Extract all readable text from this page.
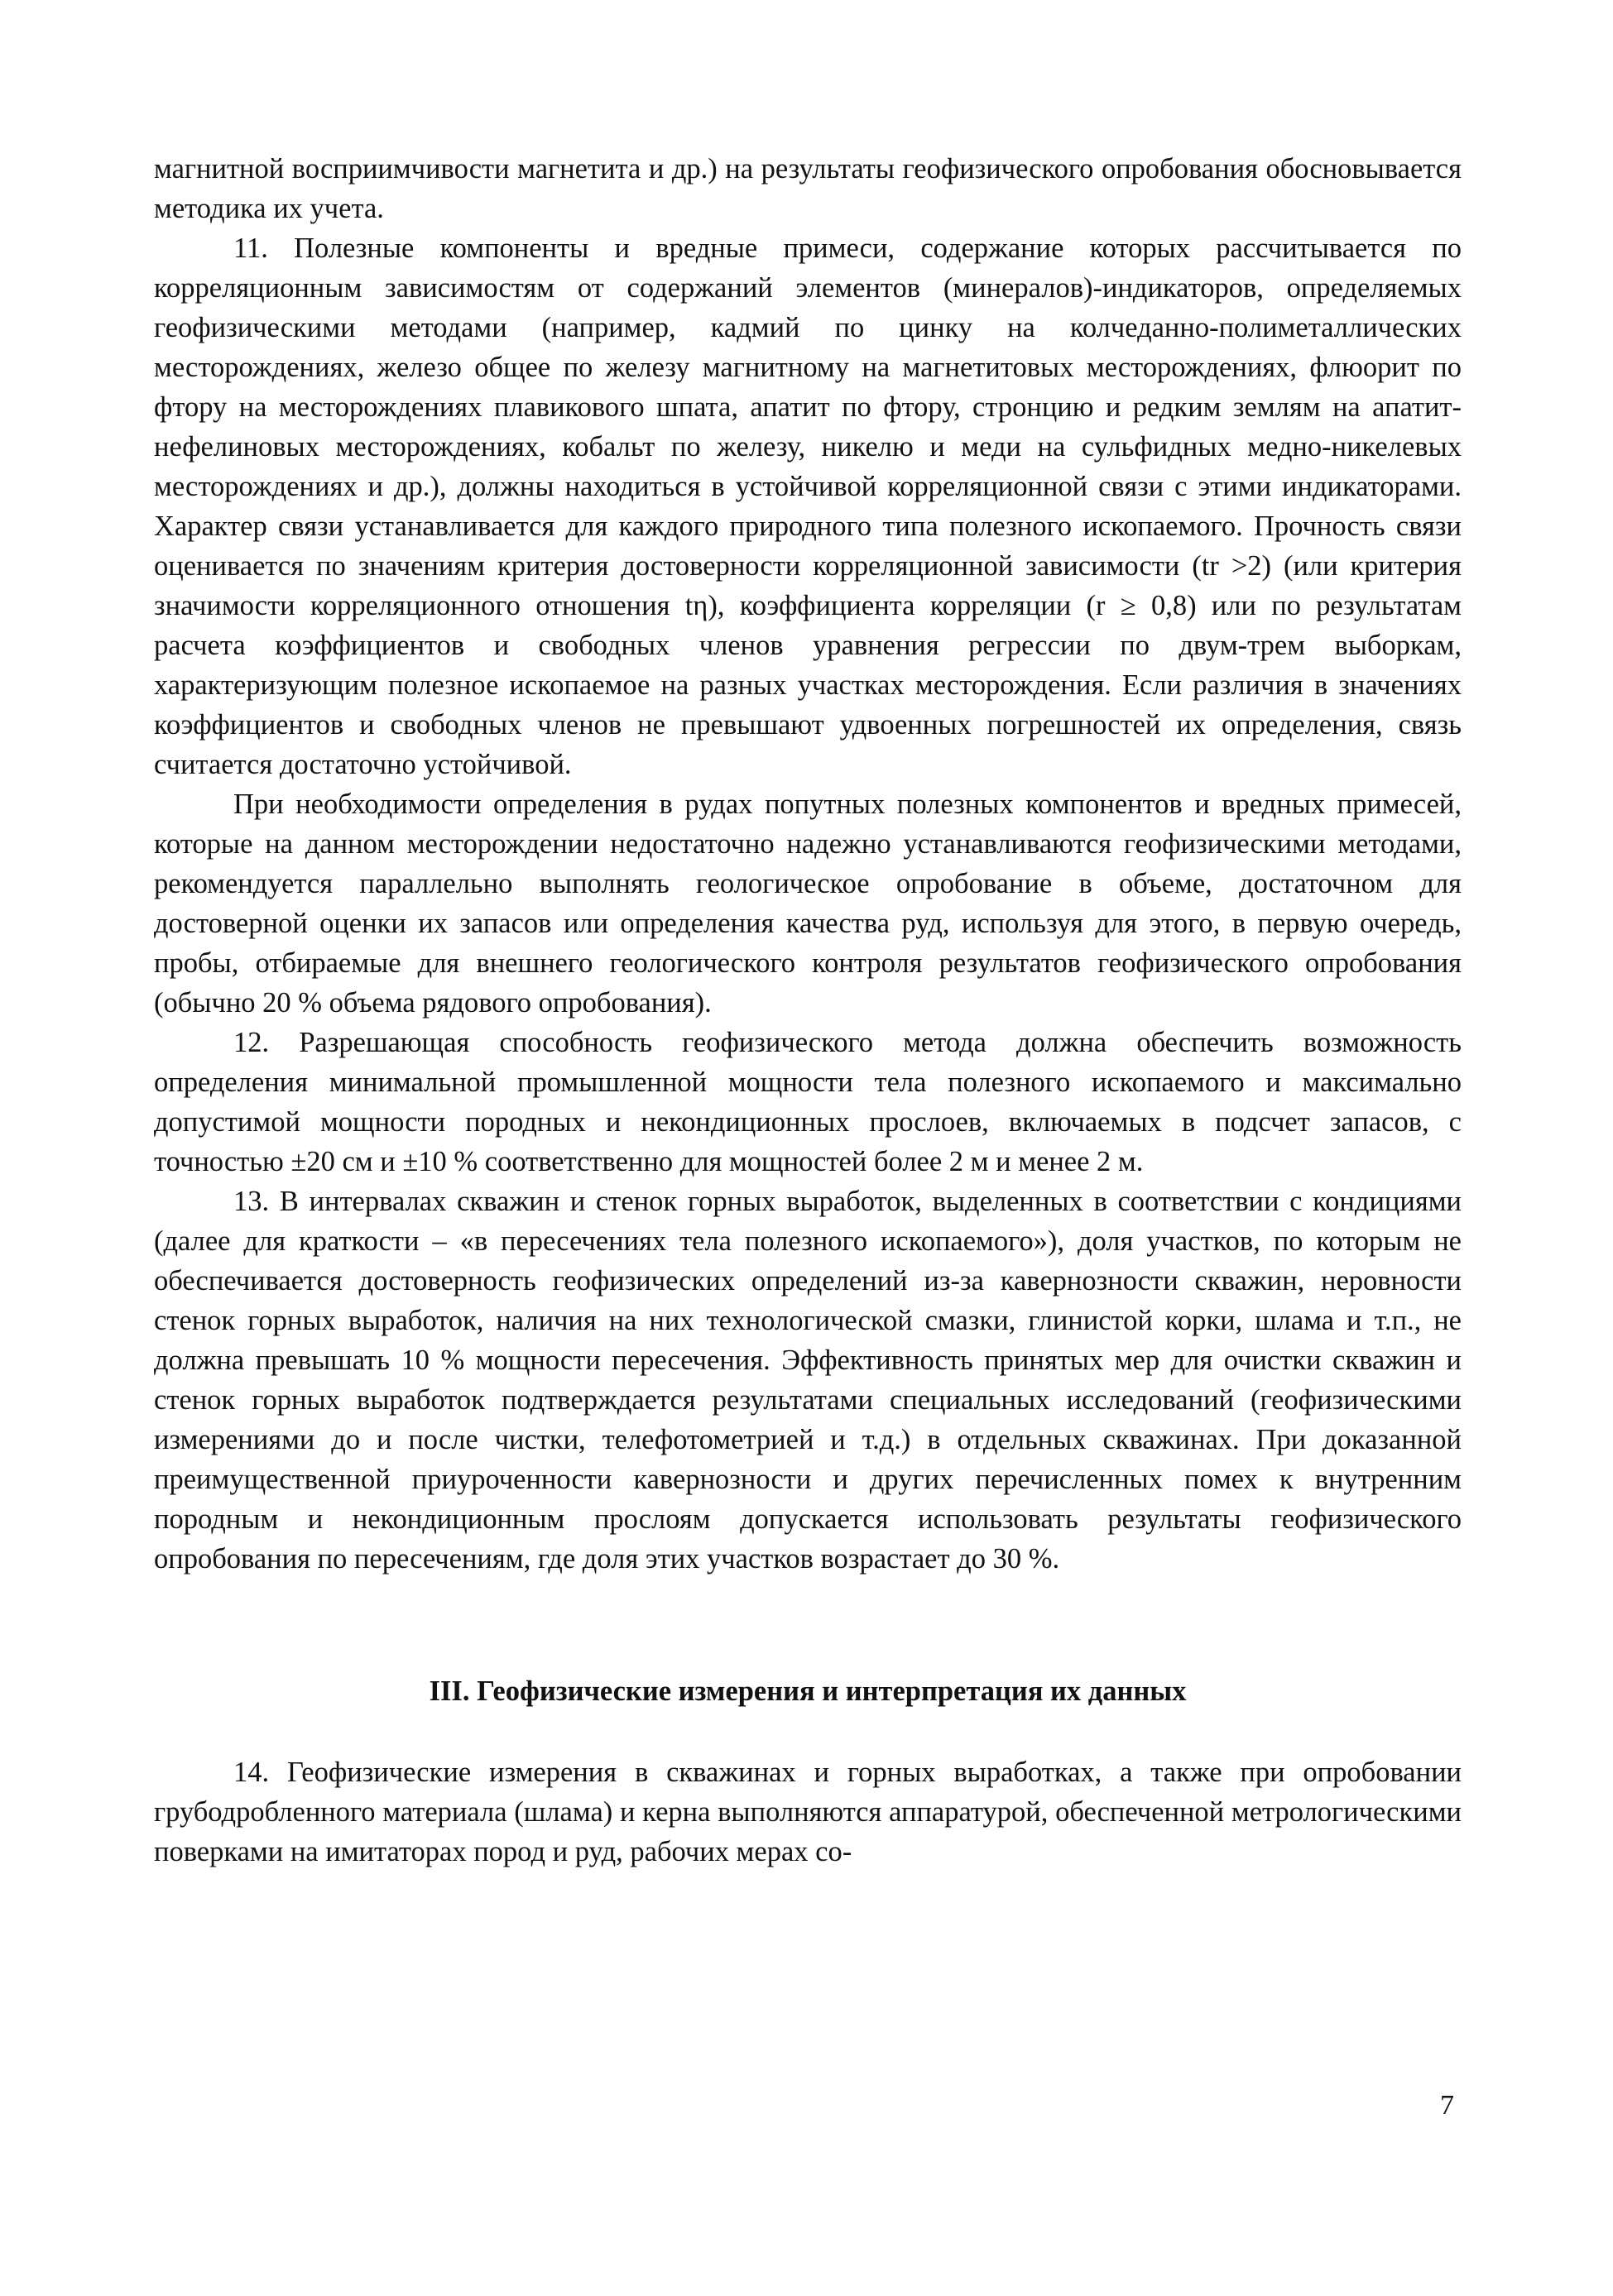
магнитной восприимчивости магнетита и др.) на результаты геофизического опробования обосновывается методика их учета.

11. Полезные компоненты и вредные примеси, содержание которых рассчитывается по корреляционным зависимостям от содержаний элементов (минералов)-индикаторов, определяемых геофизическими методами (например, кадмий по цинку на колчеданно-полиметаллических месторождениях, железо общее по железу магнитному на магнетитовых месторождениях, флюорит по фтору на месторождениях плавикового шпата, апатит по фтору, стронцию и редким землям на апатит-нефелиновых месторождениях, кобальт по железу, никелю и меди на сульфидных медно-никелевых месторождениях и др.), должны находиться в устойчивой корреляционной связи с этими индикаторами. Характер связи устанавливается для каждого природного типа полезного ископаемого. Прочность связи оценивается по значениям критерия достоверности корреляционной зависимости (tr >2) (или критерия значимости корреляционного отношения tη), коэффициента корреляции (r ≥ 0,8) или по результатам расчета коэффициентов и свободных членов уравнения регрессии по двум-трем выборкам, характеризующим полезное ископаемое на разных участках месторождения. Если различия в значениях коэффициентов и свободных членов не превышают удвоенных погрешностей их определения, связь считается достаточно устойчивой.

При необходимости определения в рудах попутных полезных компонентов и вредных примесей, которые на данном месторождении недостаточно надежно устанавливаются геофизическими методами, рекомендуется параллельно выполнять геологическое опробование в объеме, достаточном для достоверной оценки их запасов или определения качества руд, используя для этого, в первую очередь, пробы, отбираемые для внешнего геологического контроля результатов геофизического опробования (обычно 20 % объема рядового опробования).

12. Разрешающая способность геофизического метода должна обеспечить возможность определения минимальной промышленной мощности тела полезного ископаемого и максимально допустимой мощности породных и некондиционных прослоев, включаемых в подсчет запасов, с точностью ±20 см и ±10 % соответственно для мощностей более 2 м и менее 2 м.

13. В интервалах скважин и стенок горных выработок, выделенных в соответствии с кондициями (далее для краткости – «в пересечениях тела полезного ископаемого»), доля участков, по которым не обеспечивается достоверность геофизических определений из-за кавернозности скважин, неровности стенок горных выработок, наличия на них технологической смазки, глинистой корки, шлама и т.п., не должна превышать 10 % мощности пересечения. Эффективность принятых мер для очистки скважин и стенок горных выработок подтверждается результатами специальных исследований (геофизическими измерениями до и после чистки, телефотометрией и т.д.) в отдельных скважинах. При доказанной преимущественной приуроченности кавернозности и других перечисленных помех к внутренним породным и некондиционным прослоям допускается использовать результаты геофизического опробования по пересечениям, где доля этих участков возрастает до 30 %.

III. Геофизические измерения и интерпретация их данных

14. Геофизические измерения в скважинах и горных выработках, а также при опробовании грубодробленного материала (шлама) и керна выполняются аппаратурой, обеспеченной метрологическими поверками на имитаторах пород и руд, рабочих мерах со-

7
